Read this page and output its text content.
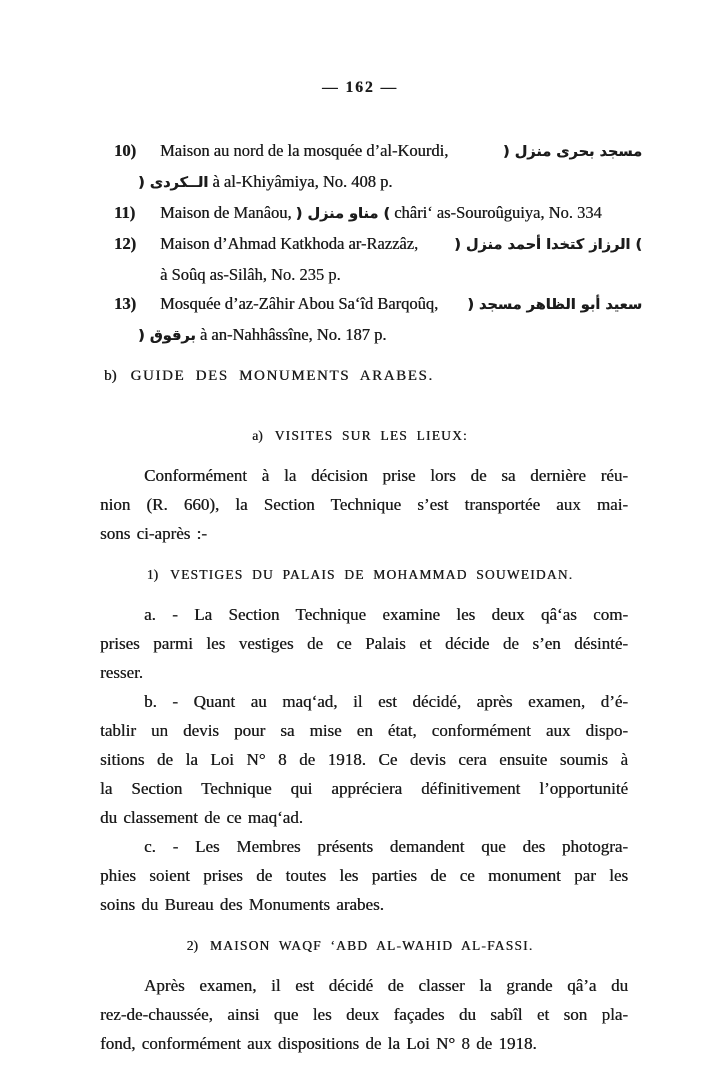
— 162 —
10)	Maison au nord de la mosquée d’al-Kourdi,	( منزل بحرى مسجد
( الــكردى à al-Khiyâmiya, No. 408 p.
11)	Maison de Manâou, ( منزل مناو ) châri‘ as-Souroûguiya, No. 334
12)	Maison d’Ahmad Katkhoda ar-Razzâz, ( منزل أحمد كتخدا الرزاز )
à Soûq as-Silâh, No. 235 p.
13)	Mosquée d’az-Zâhir Abou Sa‘îd Barqoûq, ( مسجد الظاهر أبو سعيد
( برقوق à an-Nahhâssîne, No. 187 p.
b) GUIDE DES MONUMENTS ARABES.
a) VISITES SUR LES LIEUX:
Conformément à la décision prise lors de sa dernière réu-
nion (R. 660), la Section Technique s’est transportée aux mai-
sons ci-après :-
1) VESTIGES DU PALAIS DE MOHAMMAD SOUWEIDAN.
a. - La Section Technique examine les deux qâ‘as com-
prises parmi les vestiges de ce Palais et décide de s’en désinté-
resser.
b. - Quant au maq‘ad, il est décidé, après examen, d’é-
tablir un devis pour sa mise en état, conformément aux dispo-
sitions de la Loi N° 8 de 1918. Ce devis cera ensuite soumis à
la Section Technique qui appréciera définitivement l’opportunité
du classement de ce maq‘ad.
c. - Les Membres présents demandent que des photogra-
phies soient prises de toutes les parties de ce monument par les
soins du Bureau des Monuments arabes.
2) MAISON WAQF ‘ABD AL-WAHID AL-FASSI.
Après examen, il est décidé de classer la grande qâ’a du
rez-de-chaussée, ainsi que les deux façades du sabîl et son pla-
fond, conformément aux dispositions de la Loi N° 8 de 1918.
